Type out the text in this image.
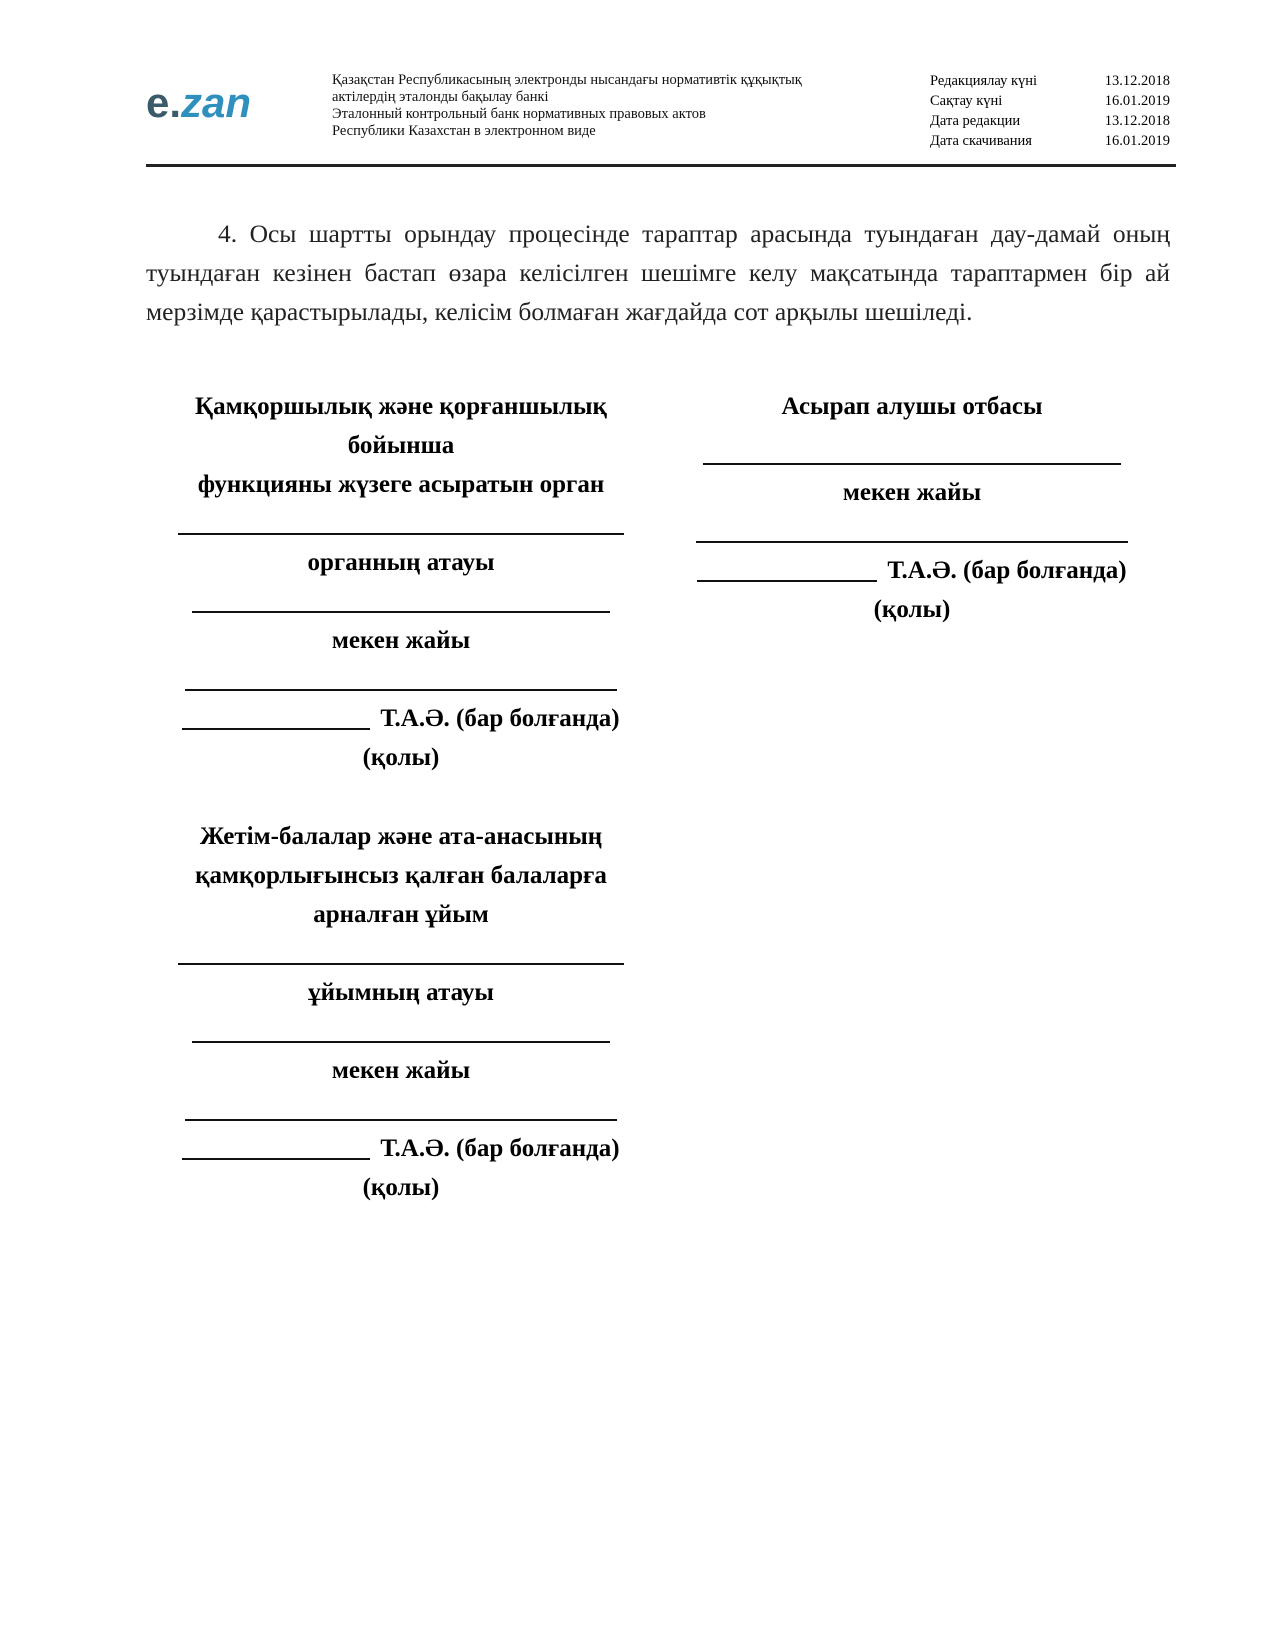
e.zan	Қазақстан Республикасының электронды нысандағы нормативтік құқықтық
актілердің эталонды бақылау банкі
Эталонный контрольный банк нормативных правовых актов
Республики Казахстан в электронном виде
Редакциялау күні	13.12.2018
Сақтау күні	16.01.2019
Дата редакции	13.12.2018
Дата скачивания	16.01.2019
4. Осы шартты орындау процесінде тараптар арасында туындаған дау-дамай оның туындаған кезінен бастап өзара келісілген шешімге келу мақсатында тараптармен бір ай мерзімде қарастырылады, келісім болмаған жағдайда сот арқылы шешіледі.
Қамқоршылық және қорғаншылық
бойынша
функцияны жүзеге асыратын орган
органның атауы
мекен жайы
Т.А.Ә. (бар болғанда)
(қолы)
Жетім-балалар және ата-анасының
қамқорлығынсыз қалған балаларға
арналған ұйым
ұйымның атауы
мекен жайы
Т.А.Ә. (бар болғанда)
(қолы)
Асырап алушы отбасы
мекен жайы
Т.А.Ә. (бар болғанда)
(қолы)
